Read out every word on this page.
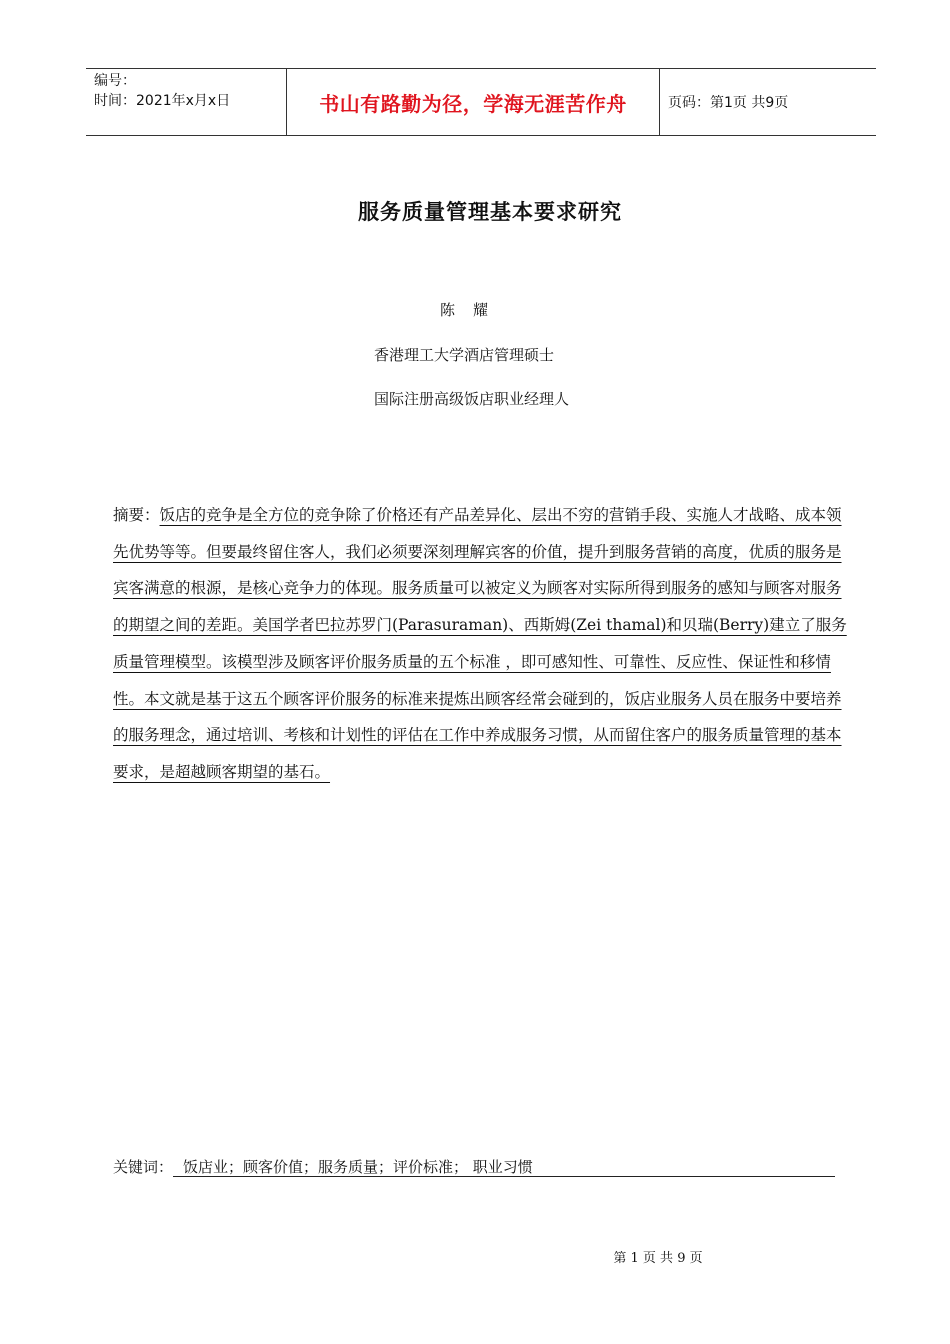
编号：
时间：2021年x月x日	书山有路勤为径，学海无涯苦作舟	页码：第1页 共9页
服务质量管理基本要求研究
陈耀
香港理工大学酒店管理硕士
国际注册高级饭店职业经理人
摘要：饭店的竞争是全方位的竞争除了价格还有产品差异化、层出不穷的营销手段、实施人才战略、成本领先优势等等。但要最终留住客人，我们必须要深刻理解宾客的价值，提升到服务营销的高度，优质的服务是宾客满意的根源，是核心竞争力的体现。服务质量可以被定义为顾客对实际所得到服务的感知与顾客对服务的期望之间的差距。美国学者巴拉苏罗门(Parasuraman)、西斯姆(Zei thamal)和贝瑞(Berry)建立了服务质量管理模型。该模型涉及顾客评价服务质量的五个标准 ，即可感知性、可靠性、反应性、保证性和移情性。本文就是基于这五个顾客评价服务的标准来提炼出顾客经常会碰到的，饭店业服务人员在服务中要培养的服务理念，通过培训、考核和计划性的评估在工作中养成服务习惯，从而留住客户的服务质量管理的基本要求，是超越顾客期望的基石。
关键词： 饭店业；顾客价值；服务质量；评价标准； 职业习惯
第 1 页 共 9 页
